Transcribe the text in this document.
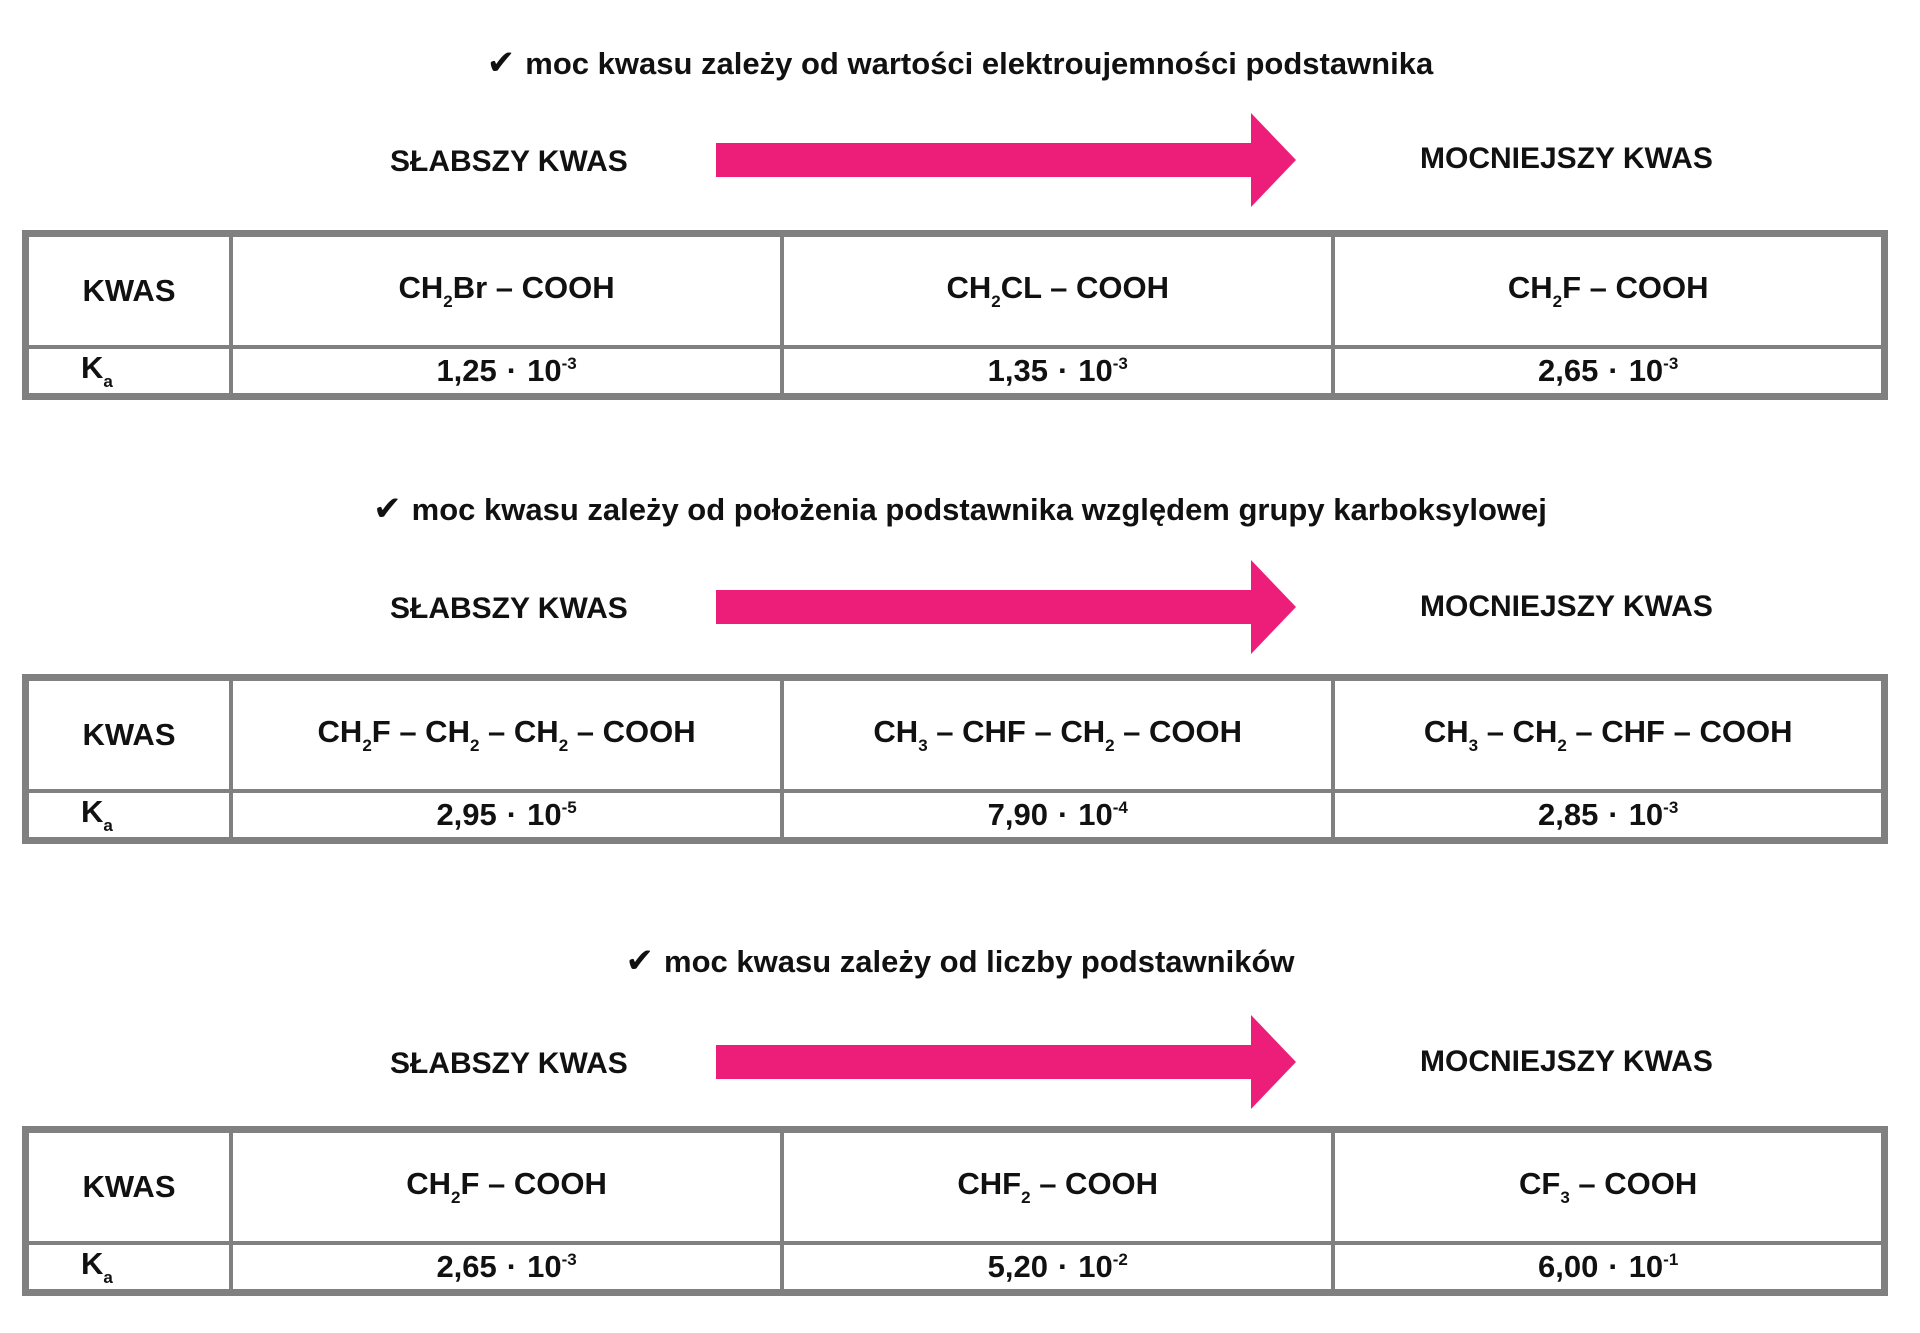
✔ moc kwasu zależy od wartości elektroujemności podstawnika
SŁABSZY KWAS	MOCNIEJSZY KWAS
KWAS	$CH_2Br$ – COOH	$CH_2CL$ – COOH	$CH_2F$ – COOH
$K_a$	$1,25 \cdot 10^{-3}$	$1,35 \cdot 10^{-3}$	$2,65 \cdot 10^{-3}$
✔ moc kwasu zależy od położenia podstawnika względem grupy karboksylowej
SŁABSZY KWAS	MOCNIEJSZY KWAS
KWAS	$CH_2F - CH_2 - CH_2$ – COOH	$CH_3$ – CHF – $CH_2$ – COOH	$CH_3 - CH_2$ – CHF – COOH
$K_a$	$2,95 \cdot 10^{-5}$	$7,90 \cdot 10^{-4}$	$2,85 \cdot 10^{-3}$
✔ moc kwasu zależy od liczby podstawników
SŁABSZY KWAS	MOCNIEJSZY KWAS
KWAS	$CH_2F$ – COOH	$CHF_2$ – COOH	$CF_3$ – COOH
$K_a$	$2,65 \cdot 10^{-3}$	$5,20 \cdot 10^{-2}$	$6,00 \cdot 10^{-1}$
